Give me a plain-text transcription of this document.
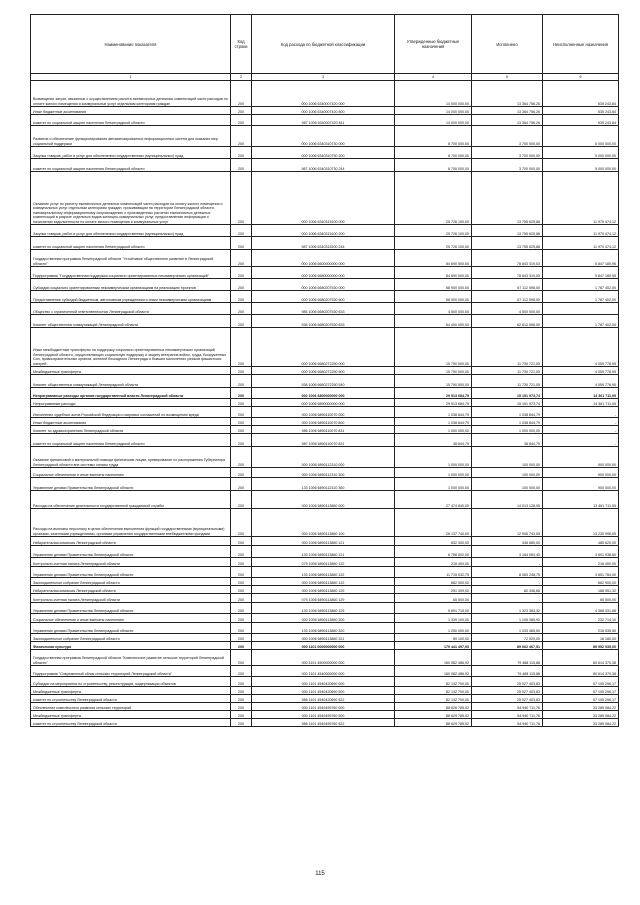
Наименование показателя	Код строки	Код расхода по бюджетной классификации	Утвержденные бюджетные назначения	Исполнено	Неисполненные назначения
1	2	3	4	5	6
Возмещение затрат, связанных с осуществлением расчета ежемесячных денежных компенсаций части расходов по оплате жилого помещения и коммунальных услуг отдельным категориям граждан	200	000 1006 6340007420 000	14 000 000,00	13 364 756,26	635 243,84
Иные бюджетные ассигнования	200	000 1006 6340007420 800	14 000 000,00	13 364 756,26	635 243,84
комитет по социальной защите населения Ленинградской области	200	987 1006 6340007420 811	14 000 000,00	13 364 756,26	635 243,84
Развитие и обеспечение функционирования автоматизированных информационных систем для оказания мер социальной поддержки	200	000 1006 6340310730 000	8 700 000,00	3 700 000,00	5 000 000,00
Закупка товаров, работ и услуг для обеспечения государственных (муниципальных) нужд	200	000 1006 6340310730 200	8 700 000,00	3 700 000,00	5 000 000,00
комитет по социальной защите населения Ленинградской области	200	987 1006 6340310730 244	8 700 000,00	3 700 000,00	5 000 000,00
Оказание услуг по расчету ежемесячных денежных компенсаций части расходов на оплату жилого помещения и коммунальных услуг отдельным категориям граждан, проживающим на территории Ленинградской области, ежеквартальному информационному сопровождению о произведенных расчетах ежемесячных денежных компенсаций в разрезе отдельных видов жилищно-коммунальных услуг, предоставлению информации о начислении задолженности по оплате жилого помещения и коммунальных услуг	200	000 1006 6340315100 000	25 726 100,00	13 755 625,88	11 970 474,12
Закупка товаров, работ и услуг для обеспечения государственных (муниципальных) нужд	200	000 1006 6340315100 200	25 726 100,00	13 755 625,88	11 970 474,12
комитет по социальной защите населения Ленинградской области	200	987 1006 6340315100 244	25 726 100,00	13 755 625,88	11 970 474,12
Государственная программа Ленинградской области "Устойчивое общественное развитие в Ленинградской области"	200	000 1006 6600000000 000	84 690 500,00	78 843 319,03	5 847 180,96
Подпрограмма "Государственная поддержка социально ориентированных некоммерческих организаций"	200	000 1006 6680000000 000	84 690 500,00	78 843 319,05	5 847 180,95
Субсидии социально ориентированным некоммерческим организациям на реализацию проектов	200	000 1006 6680207530 000	68 900 000,00	67 112 598,00	1 787 402,00
Предоставление субсидий бюджетным, автономным учреждениям и иным некоммерческим организациям	200	000 1006 6680207530 600	68 900 000,00	67 112 598,00	1 787 402,00
Общество с ограниченной ответственностью Ленинградской области	200	985 1006 6680207530 633	4 500 000,00	4 500 000,00	
Комитет общественных коммуникаций Ленинградской области	200	938 1006 6680207530 633	64 400 000,00	62 612 598,00	1 787 402,00
Иные межбюджетные трансферты на поддержку социально ориентированных некоммерческих организаций Ленинградской области, осуществляющих социальную поддержку и защиту ветеранов войны, труда, Вооруженных Сил, правоохранительных органов, жителей блокадного Ленинграда и бывших малолетних узников фашистских лагерей	200	000 1006 6680272250 000	15 790 500,00	11 730 721,05	4 059 778,95
Межбюджетные трансферты	200	000 1006 6680272250 500	15 790 500,00	11 730 721,05	4 059 778,95
Комитет общественных коммуникаций Ленинградской области	200	938 1006 6680272250 540	15 790 500,00	11 730 721,05	4 059 778,95
Непрограммные расходы органов государственной власти Ленинградской области	200	000 1006 6800000000 000	29 513 684,79	15 151 973,74	14 361 711,05
Непрограммные расходы	200	000 1006 6890000000 000	29 513 684,79	15 151 973,74	14 361 711,05
Исполнение судебных актов Российской Федерации и мировых соглашений по возмещению вреда	200	000 1006 6890110070 000	1 038 844,79	1 038 844,79	-
Иные бюджетные ассигнования	200	000 1006 6890110070 800	1 038 844,79	1 038 844,79	-
Комитет по здравоохранению Ленинградской области	200	986 1006 6890110070 831	1 000 000,00	1 000 000,00	-
комитет по социальной защите населения Ленинградской области	200	987 1006 6890110070 831	38 844,79	38 844,79	-
Оказание финансовой и материальной помощи физическим лицам, премирование по распоряжению Губернатора Ленинградской области вне системы оплаты труда	200	000 1006 6890112310 000	1 000 000,00	100 000,00	900 000,00
Социальное обеспечение и иные выплаты населению	200	000 1006 6890112310 300	1 000 000,00	100 000,00	900 000,00
Управление делами Правительства Ленинградской области	200	133 1006 6890112310 360	1 000 000,00	100 000,00	900 000,00
Расходы на обеспечение деятельности государственной гражданской службы	200	000 1006 6890113860 000	27 474 840,00	14 013 128,95	13 461 711,05
Расходы на выплаты персоналу в целях обеспечения выполнения функций государственными (муниципальными) органами, казенными учреждениями, органами управления государственными внебюджетными фондами	200	000 1006 6890113860 100	26 137 740,00	12 906 743,05	13 230 996,95
Избирательная комиссия Ленинградской области	200	000 1006 6890113860 121	832 300,00	346 680,00	485 620,00
Управление делами Правительства Ленинградской области	200	133 1006 6890113860 121	6 766 002,00	3 164 063,40	3 601 938,60
Контрольно-счетная палата Ленинградской области	200	075 1006 6890113860 122	218 400,00	-	218 400,00
Управление делами Правительства Ленинградской области	200	133 1006 6890113860 122	11 715 032,75	8 063 248,75	3 651 784,00
Законодательное собрание Ленинградской области	200	000 1006 6890113860 122	662 900,00	-	662 900,00
Избирательная комиссия Ленинградской области	200	000 1006 6890113860 129	251 309,00	82 346,68	168 951,32
Контрольно-счетная палата Ленинградской области	200	075 1006 6890113860 129	65 500,00	-	65 500,00
Управление делами Правительства Ленинградской области	200	133 1006 6890113860 129	5 691 715,00	1 323 383,32	4 368 331,68
Социальное обеспечение и иные выплаты населению	200	000 1006 6890113860 300	1 339 100,00	1 106 385,90	232 714,10
Управление делами Правительства Ленинградской области	200	133 1006 6890113860 320	1 250 000,00	1 033 465,50	216 535,50
Законодательное собрание Ленинградской области	200	000 1006 6890113860 321	89 100,00	72 920,00	16 180,00
Физическая культура	200	000 1101 0000000000 000	179 441 497,93	89 662 467,51	89 952 935,00
Государственная программа Ленинградской области "Комплексное развитие сельских территорий Ленинградской области"	200	000 1101 4500000000 000	160 082 486,92	79 468 115,88	80 614 370,38
Подпрограмма "Современный облик сельских территорий Ленинградской области"	200	000 1101 4540000000 000	160 082 486,92	79 468 115,88	80 614 370,38
Субсидии на мероприятия по строительству, реконструкции, модернизации объектов	200	000 1101 4540420690 000	82 132 700,00	25 027 403,83	57 105 296,17
Межбюджетные трансферты	200	000 1101 4540420690 500	82 132 700,00	25 027 403,83	57 105 296,17
комитет по строительству Ленинградской области	200	986 1101 4540420690 522	82 132 700,00	25 027 403,83	57 105 296,17
Обеспечение комплексного развития сельских территорий	200	000 1101 4540495760 000	88 626 785,92	54 940 711,76	33 289 084,22
Межбюджетные трансферты	200	000 1101 4540495760 500	88 629 785,92	54 940 711,76	33 289 084,22
комитет по строительству Ленинградской области	200	986 1101 4540495760 522	88 629 785,92	54 940 711,76	33 289 084,22
115
